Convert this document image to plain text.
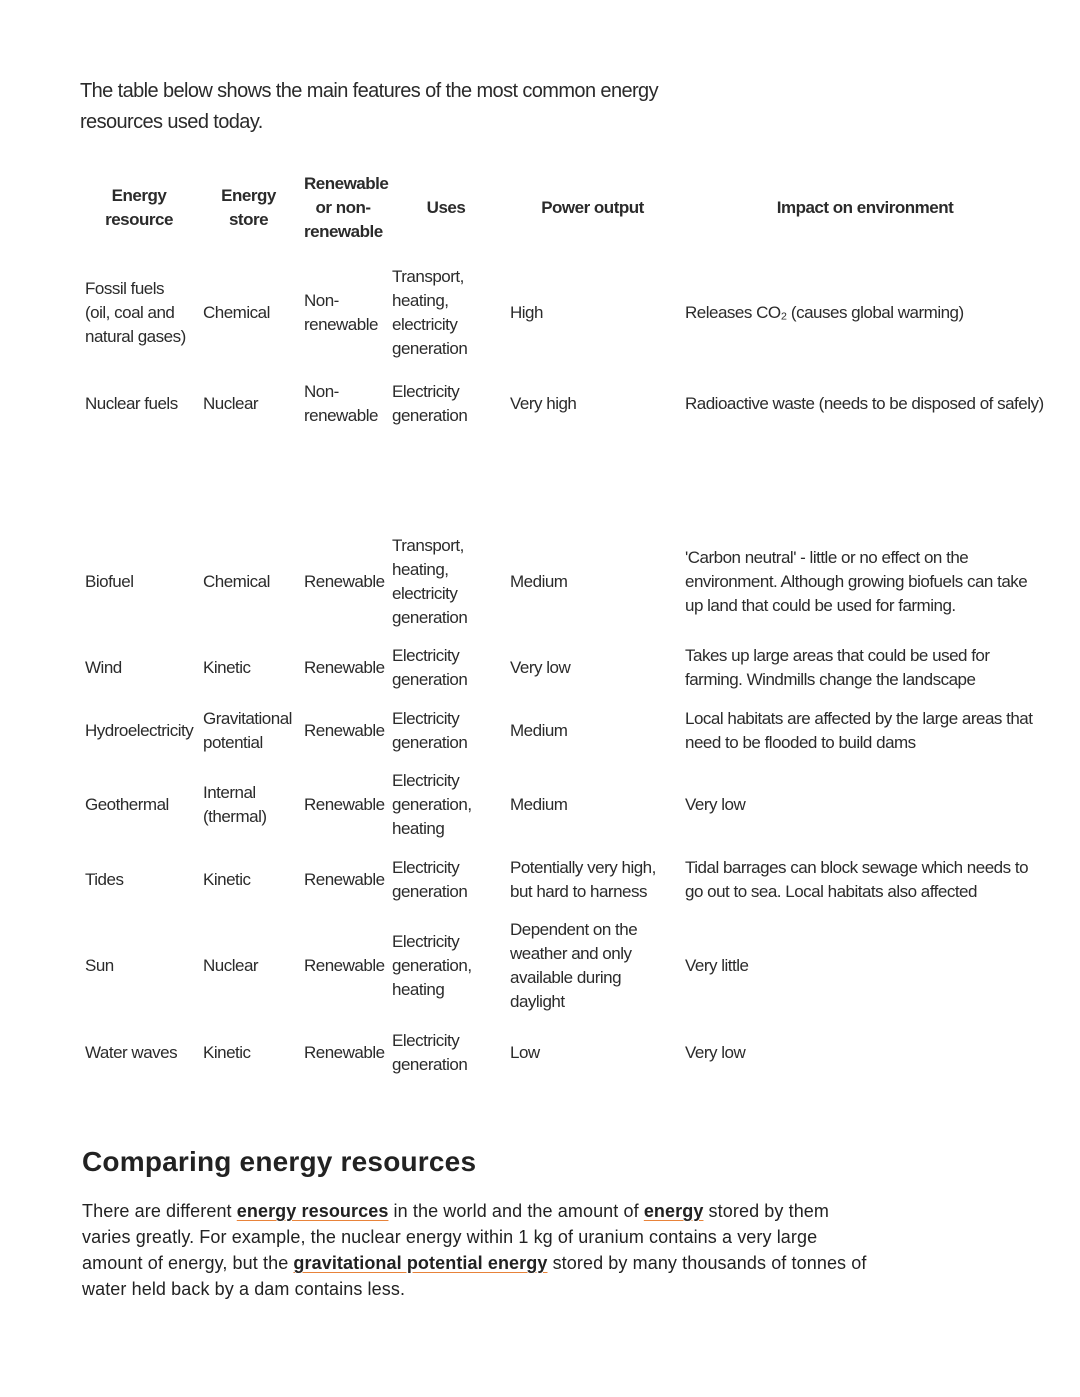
The table below shows the main features of the most common energy resources used today.
Energy resource	Energy store	Renewable or non-renewable	Uses	Power output	Impact on environment
Fossil fuels (oil, coal and natural gases)	Chemical	Non-renewable	Transport, heating, electricity generation	High	Releases CO₂ (causes global warming)
Nuclear fuels	Nuclear	Non-renewable	Electricity generation	Very high	Radioactive waste (needs to be disposed of safely)

Biofuel	Chemical	Renewable	Transport, heating, electricity generation	Medium	'Carbon neutral' - little or no effect on the environment. Although growing biofuels can take up land that could be used for farming.
Wind	Kinetic	Renewable	Electricity generation	Very low	Takes up large areas that could be used for farming. Windmills change the landscape
Hydroelectricity	Gravitational potential	Renewable	Electricity generation	Medium	Local habitats are affected by the large areas that need to be flooded to build dams
Geothermal	Internal (thermal)	Renewable	Electricity generation, heating	Medium	Very low
Tides	Kinetic	Renewable	Electricity generation	Potentially very high, but hard to harness	Tidal barrages can block sewage which needs to go out to sea. Local habitats also affected
Sun	Nuclear	Renewable	Electricity generation, heating	Dependent on the weather and only available during daylight	Very little
Water waves	Kinetic	Renewable	Electricity generation	Low	Very low
Comparing energy resources
There are different energy resources in the world and the amount of energy stored by them varies greatly. For example, the nuclear energy within 1 kg of uranium contains a very large amount of energy, but the gravitational potential energy stored by many thousands of tonnes of water held back by a dam contains less.
